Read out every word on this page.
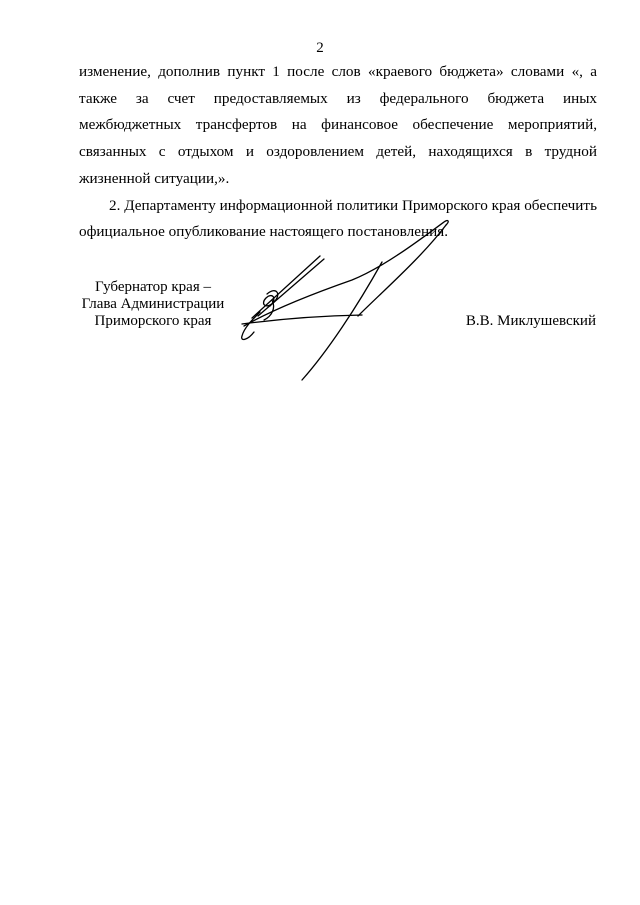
2

изменение, дополнив пункт 1 после слов «краевого бюджета» словами «, а также за счет предоставляемых из федерального бюджета иных межбюджетных трансфертов на финансовое обеспечение мероприятий, связанных с отдыхом и оздоровлением детей, находящихся в трудной жизненной ситуации,».

2. Департаменту информационной политики Приморского края обеспечить официальное опубликование настоящего постановления.

Губернатор края –
Глава Администрации
Приморского края	В.В. Миклушевский
